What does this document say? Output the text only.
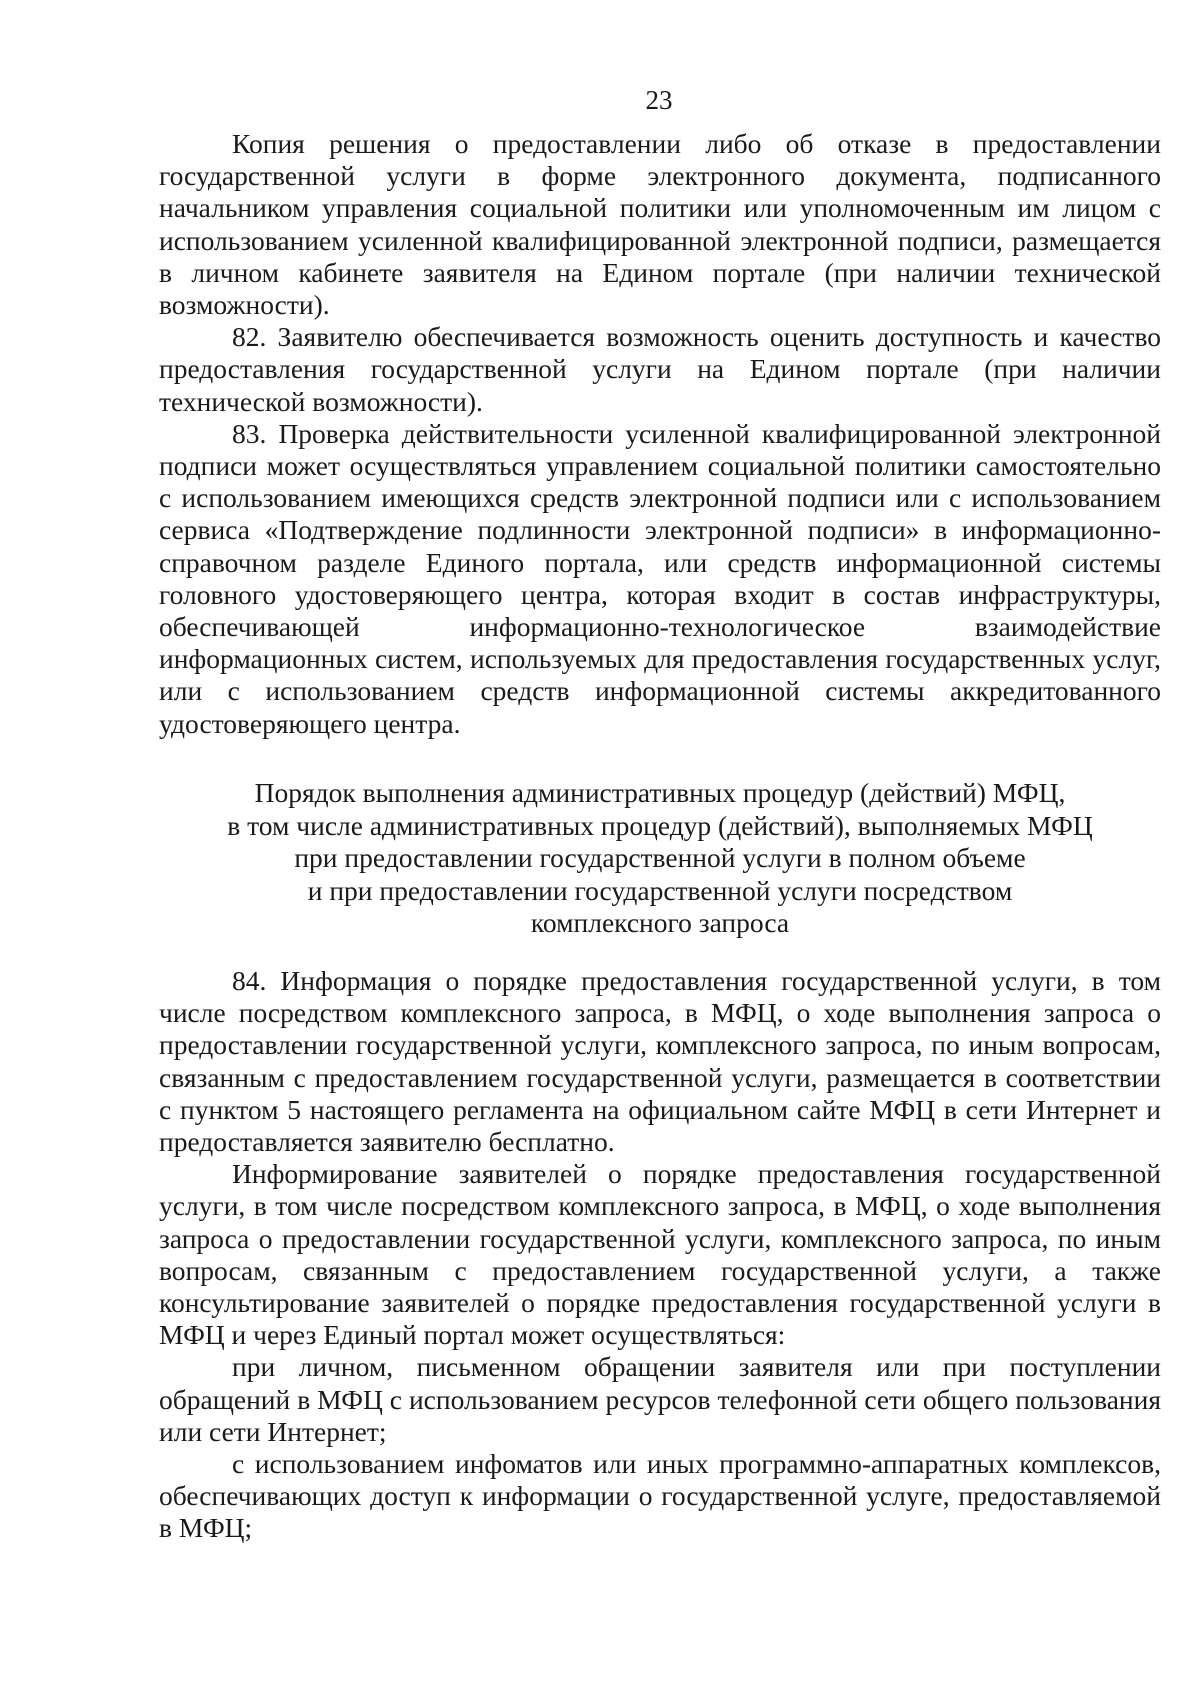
23

Копия решения о предоставлении либо об отказе в предоставлении государственной услуги в форме электронного документа, подписанного начальником управления социальной политики или уполномоченным им лицом с использованием усиленной квалифицированной электронной подписи, размещается в личном кабинете заявителя на Едином портале (при наличии технической возможности).

82. Заявителю обеспечивается возможность оценить доступность и качество предоставления государственной услуги на Едином портале (при наличии технической возможности).

83. Проверка действительности усиленной квалифицированной электронной подписи может осуществляться управлением социальной политики самостоятельно с использованием имеющихся средств электронной подписи или с использованием сервиса «Подтверждение подлинности электронной подписи» в информационно-справочном разделе Единого портала, или средств информационной системы головного удостоверяющего центра, которая входит в состав инфраструктуры, обеспечивающей информационно-технологическое взаимодействие информационных систем, используемых для предоставления государственных услуг, или с использованием средств информационной системы аккредитованного удостоверяющего центра.

Порядок выполнения административных процедур (действий) МФЦ,
в том числе административных процедур (действий), выполняемых МФЦ
при предоставлении государственной услуги в полном объеме
и при предоставлении государственной услуги посредством
комплексного запроса

84. Информация о порядке предоставления государственной услуги, в том числе посредством комплексного запроса, в МФЦ, о ходе выполнения запроса о предоставлении государственной услуги, комплексного запроса, по иным вопросам, связанным с предоставлением государственной услуги, размещается в соответствии с пунктом 5 настоящего регламента на официальном сайте МФЦ в сети Интернет и предоставляется заявителю бесплатно.

Информирование заявителей о порядке предоставления государственной услуги, в том числе посредством комплексного запроса, в МФЦ, о ходе выполнения запроса о предоставлении государственной услуги, комплексного запроса, по иным вопросам, связанным с предоставлением государственной услуги, а также консультирование заявителей о порядке предоставления государственной услуги в МФЦ и через Единый портал может осуществляться:

при личном, письменном обращении заявителя или при поступлении обращений в МФЦ с использованием ресурсов телефонной сети общего пользования или сети Интернет;

с использованием инфоматов или иных программно-аппаратных комплексов, обеспечивающих доступ к информации о государственной услуге, предоставляемой в МФЦ;
